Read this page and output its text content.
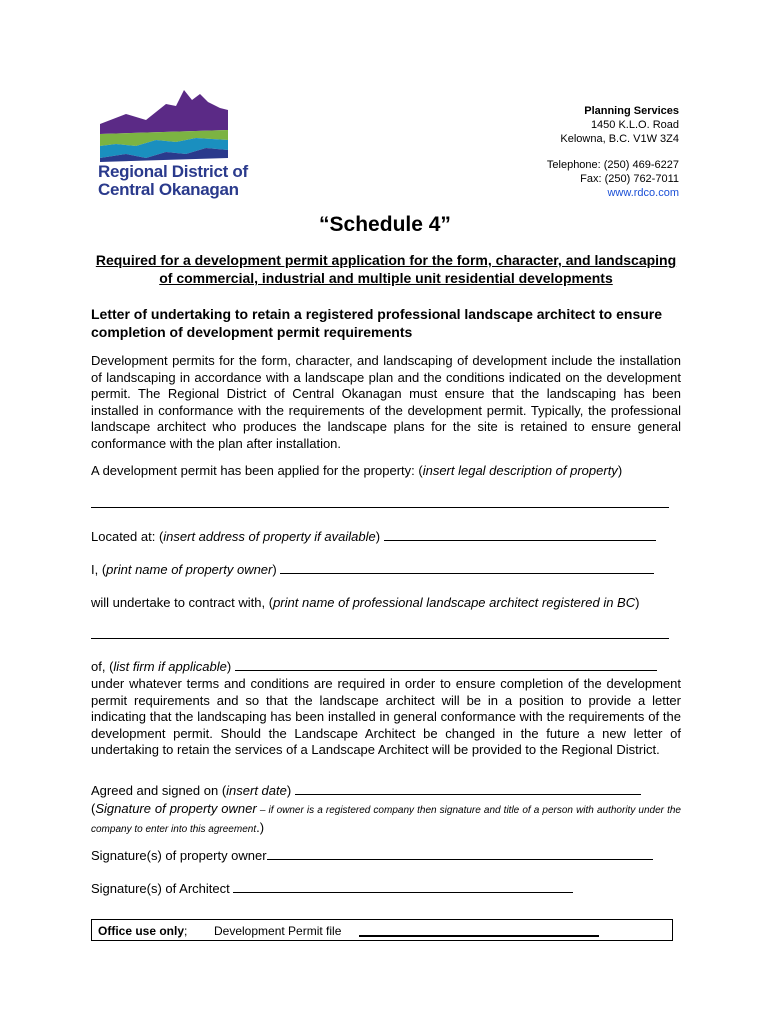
Regional District of
Central Okanagan
Planning Services
1450 K.L.O. Road
Kelowna, B.C. V1W 3Z4
Telephone: (250) 469-6227
Fax: (250) 762-7011
www.rdco.com
“Schedule 4”
Required for a development permit application for the form, character, and landscaping of commercial, industrial and multiple unit residential developments
Letter of undertaking to retain a registered professional landscape architect to ensure completion of development permit requirements
Development permits for the form, character, and landscaping of development include the installation of landscaping in accordance with a landscape plan and the conditions indicated on the development permit. The Regional District of Central Okanagan must ensure that the landscaping has been installed in conformance with the requirements of the development permit. Typically, the professional landscape architect who produces the landscape plans for the site is retained to ensure general conformance with the plan after installation.
A development permit has been applied for the property: (insert legal description of property)
Located at: (insert address of property if available)
I, (print name of property owner)
will undertake to contract with, (print name of professional landscape architect registered in BC)
of, (list firm if applicable)
under whatever terms and conditions are required in order to ensure completion of the development permit requirements and so that the landscape architect will be in a position to provide a letter indicating that the landscaping has been installed in general conformance with the requirements of the development permit. Should the Landscape Architect be changed in the future a new letter of undertaking to retain the services of a Landscape Architect will be provided to the Regional District.
Agreed and signed on (insert date)
(Signature of property owner – if owner is a registered company then signature and title of a person with authority under the company to enter into this agreement.)
Signature(s) of property owner
Signature(s) of Architect
Office use only; Development Permit file
